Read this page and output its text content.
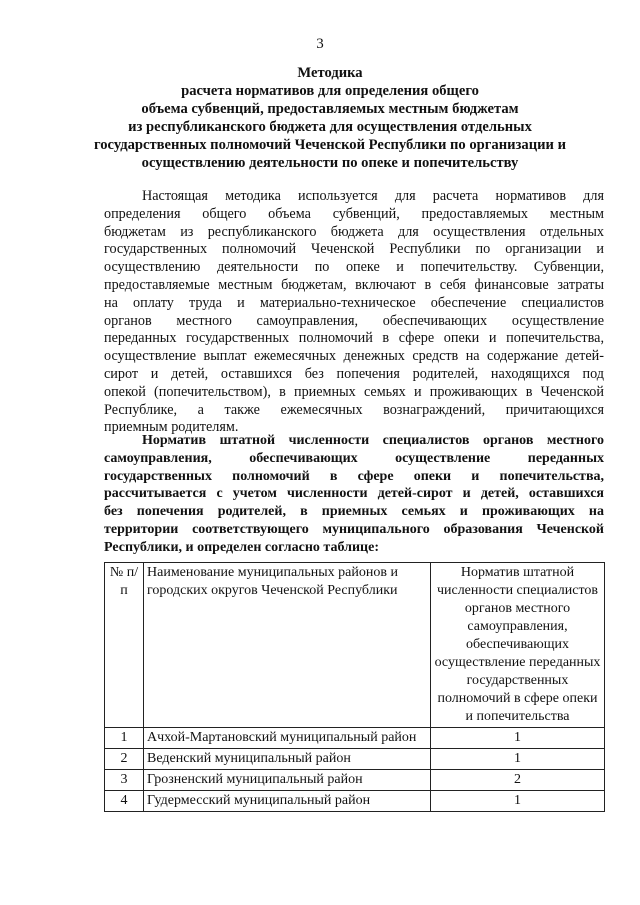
3
Методика
расчета нормативов для определения общего
объема субвенций, предоставляемых местным бюджетам
из республиканского бюджета для осуществления отдельных
государственных полномочий Чеченской Республики по организации и
осуществлению деятельности по опеке и попечительству
Настоящая методика используется для расчета нормативов для
определения общего объема субвенций, предоставляемых местным
бюджетам из республиканского бюджета для осуществления отдельных
государственных полномочий Чеченской Республики по организации и
осуществлению деятельности по опеке и попечительству. Субвенции,
предоставляемые местным бюджетам, включают в себя финансовые затраты
на оплату труда и материально-техническое обеспечение специалистов
органов местного самоуправления, обеспечивающих осуществление
переданных государственных полномочий в сфере опеки и попечительства,
осуществление выплат ежемесячных денежных средств на содержание детей-
сирот и детей, оставшихся без попечения родителей, находящихся под
опекой (попечительством), в приемных семьях и проживающих в Чеченской
Республике, а также ежемесячных вознаграждений, причитающихся
приемным родителям.
Норматив штатной численности специалистов органов местного
самоуправления, обеспечивающих осуществление переданных
государственных полномочий в сфере опеки и попечительства,
рассчитывается с учетом численности детей-сирот и детей, оставшихся
без попечения родителей, в приемных семьях и проживающих на
территории соответствующего муниципального образования Чеченской
Республики, и определен согласно таблице:
№ п/п	Наименование муниципальных районов и городских округов Чеченской Республики	Норматив штатной численности специалистов органов местного самоуправления, обеспечивающих осуществление переданных государственных полномочий в сфере опеки и попечительства
1	Ачхой-Мартановский муниципальный район	1
2	Веденский муниципальный район	1
3	Грозненский муниципальный район	2
4	Гудермесский муниципальный район	1
